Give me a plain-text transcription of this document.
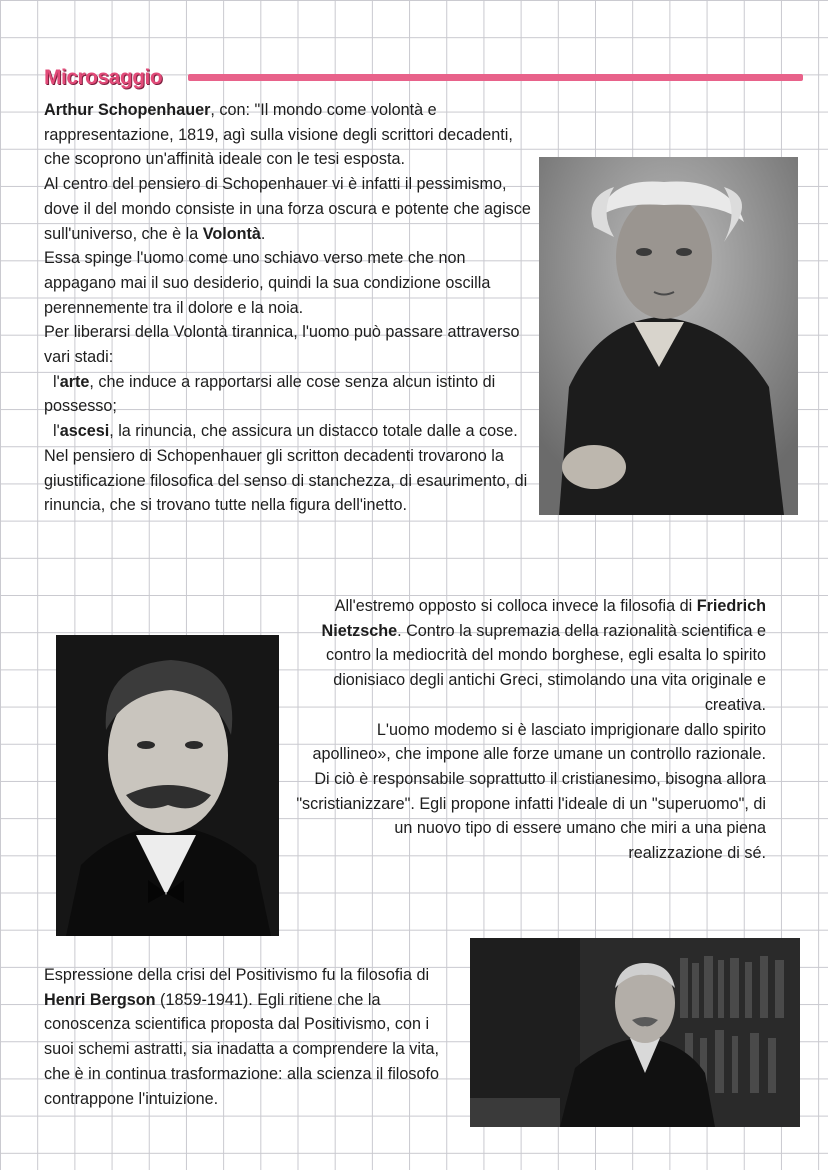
Microsaggio

Arthur Schopenhauer, con: "Il mondo come volontà e rappresentazione, 1819, agì sulla visione degli scrittori decadenti, che scoprono un'affinità ideale con le tesi esposta.

Al centro del pensiero di Schopenhauer vi è infatti il pessimismo, dove il del mondo consiste in una forza oscura e potente che agisce sull'universo, che è la Volontà.

Essa spinge l'uomo come uno schiavo verso mete che non appagano mai il suo desiderio, quindi la sua condizione oscilla perennemente tra il dolore e la noia.

Per liberarsi della Volontà tirannica, l'uomo può passare attraverso vari stadi:

l'arte, che induce a rapportarsi alle cose senza alcun istinto di possesso;

l'ascesi, la rinuncia, che assicura un distacco totale dalle a cose.

Nel pensiero di Schopenhauer gli scritton decadenti trovarono la giustificazione filosofica del senso di stanchezza, di esaurimento, di rinuncia, che si trovano tutte nella figura dell'inetto.

All'estremo opposto si colloca invece la filosofia di Friedrich Nietzsche. Contro la supremazia della razionalità scientifica e contro la mediocrità del mondo borghese, egli esalta lo spirito dionisiaco degli antichi Greci, stimolando una vita originale e creativa.

L'uomo modemo si è lasciato imprigionare dallo spirito apollineo», che impone alle forze umane un controllo razionale.

Di ciò è responsabile soprattutto il cristianesimo, bisogna allora "scristianizzare". Egli propone infatti l'ideale di un "superuomo", di un nuovo tipo di essere umano che miri a una piena realizzazione di sé.

Espressione della crisi del Positivismo fu la filosofia di Henri Bergson (1859-1941). Egli ritiene che la conoscenza scientifica proposta dal Positivismo, con i suoi schemi astratti, sia inadatta a comprendere la vita, che è in continua trasformazione: alla scienza il filosofo contrappone l'intuizione.
